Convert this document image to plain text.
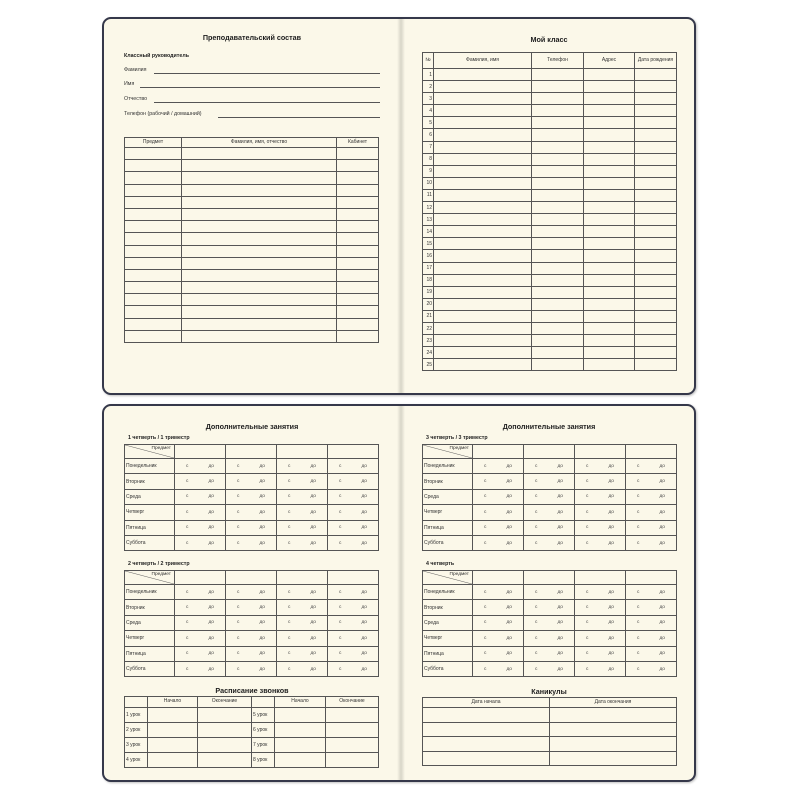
Преподавательский состав
Классный руководитель
Фамилия
Имя
Отчество
Телефон (рабочий / домашний)
Предмет	Фамилия, имя, отчество	Кабинет

Мой класс
№	Фамилия, имя	Телефон	Адрес	Дата рождения
1				
2				
3				
4				
5				
6				
7				
8				
9				
10				
11				
12				
13				
14				
15				
16				
17				
18				
19				
20				
21				
22				
23				
24				
25				
Дополнительные занятия
1 четверть / 1 триместр
Предмет				

Понедельник	с до	с до	с до	с до

Вторник	с до	с до	с до	с до

Среда	с до	с до	с до	с до

Четверг	с до	с до	с до	с до

Пятница	с до	с до	с до	с до

Суббота	с до	с до	с до	с до
2 четверть / 2 триместр
Предмет				

Понедельник	с до	с до	с до	с до

Вторник	с до	с до	с до	с до

Среда	с до	с до	с до	с до

Четверг	с до	с до	с до	с до

Пятница	с до	с до	с до	с до

Суббота	с до	с до	с до	с до
Расписание звонков
	Начало	Окончание		Начало	Окончание
1 урок			5 урок		
2 урок			6 урок		
3 урок			7 урок		
4 урок			8 урок		
Дополнительные занятия
3 четверть / 3 триместр
Предмет				

Понедельник	с до	с до	с до	с до

Вторник	с до	с до	с до	с до

Среда	с до	с до	с до	с до

Четверг	с до	с до	с до	с до

Пятница	с до	с до	с до	с до

Суббота	с до	с до	с до	с до
4 четверть
Предмет				

Понедельник	с до	с до	с до	с до

Вторник	с до	с до	с до	с до

Среда	с до	с до	с до	с до

Четверг	с до	с до	с до	с до

Пятница	с до	с до	с до	с до

Суббота	с до	с до	с до	с до
Каникулы
Дата начала	Дата окончания
